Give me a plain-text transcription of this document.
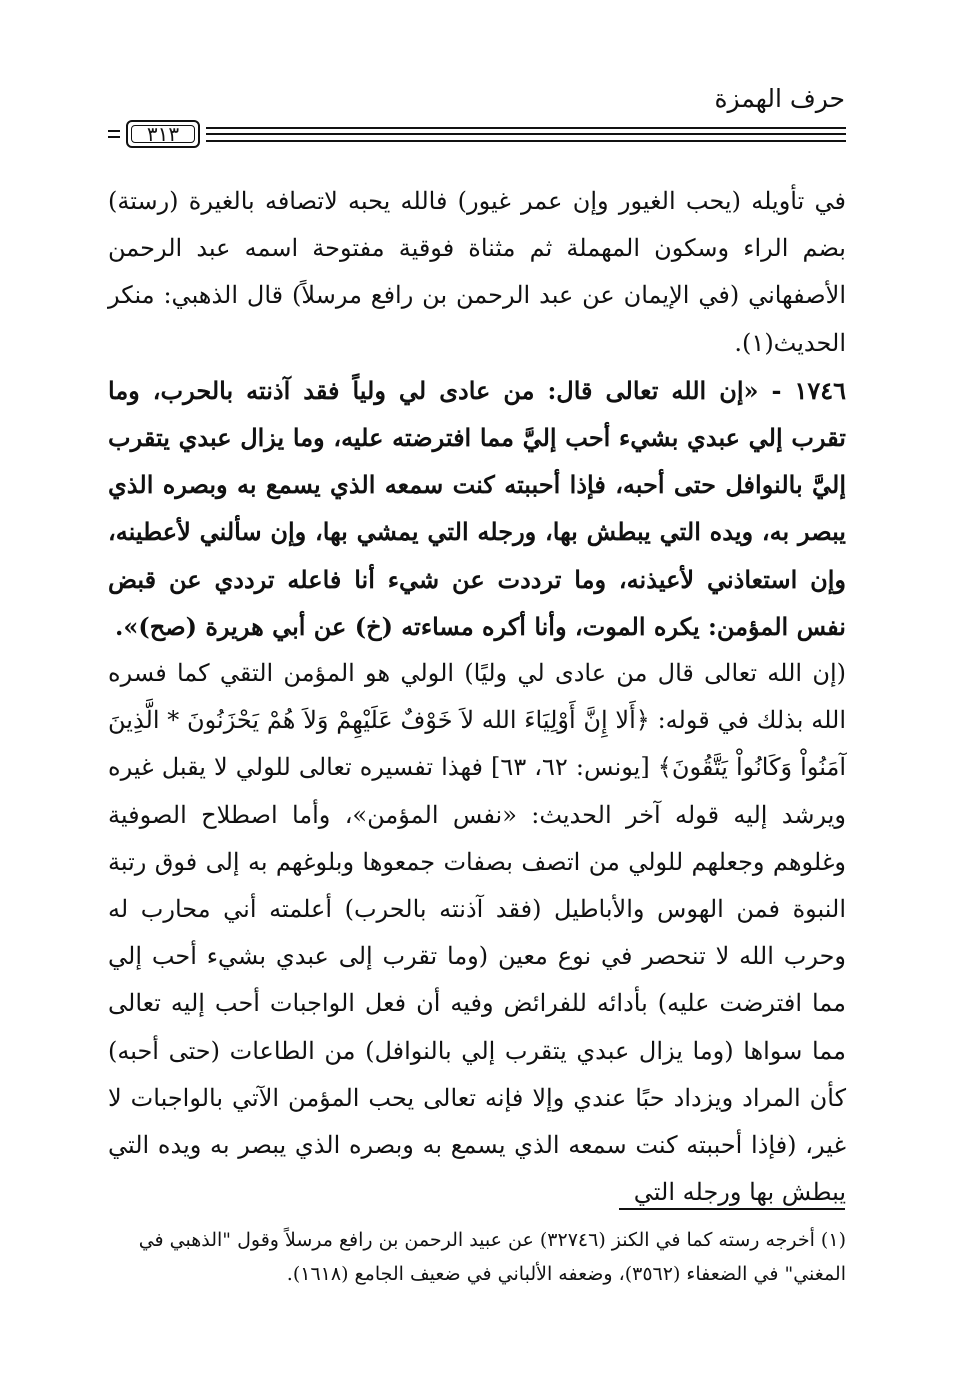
حرف الهمزة
٣١٣

في تأويله (يحب الغيور وإن عمر غيور) فالله يحبه لاتصافه بالغيرة (رستة) بضم الراء وسكون المهملة ثم مثناة فوقية مفتوحة اسمه عبد الرحمن الأصفهاني (في الإيمان عن عبد الرحمن بن رافع مرسلاً) قال الذهبي: منكر الحديث(١).

١٧٤٦ - «إن الله تعالى قال: من عادى لي ولياً فقد آذنته بالحرب، وما تقرب إلي عبدي بشيء أحب إليَّ مما افترضته عليه، وما يزال عبدي يتقرب إليَّ بالنوافل حتى أحبه، فإذا أحببته كنت سمعه الذي يسمع به وبصره الذي يبصر به، ويده التي يبطش بها، ورجله التي يمشي بها، وإن سألني لأعطينه، وإن استعاذني لأعيذنه، وما ترددت عن شيء أنا فاعله ترددي عن قبض نفس المؤمن: يكره الموت، وأنا أكره مساءته (خ) عن أبي هريرة (صح)».

(إن الله تعالى قال من عادى لي وليًا) الولي هو المؤمن التقي كما فسره الله بذلك في قوله: ﴿أَلا إِنَّ أَوْلِيَاءَ الله لاَ خَوْفٌ عَلَيْهِمْ وَلاَ هُمْ يَحْزَنُونَ * الَّذِينَ آمَنُواْ وَكَانُواْ يَتَّقُونَ﴾ [يونس: ٦٢، ٦٣] فهذا تفسيره تعالى للولي لا يقبل غيره ويرشد إليه قوله آخر الحديث: «نفس المؤمن»، وأما اصطلاح الصوفية وغلوهم وجعلهم للولي من اتصف بصفات جمعوها وبلوغهم به إلى فوق رتبة النبوة فمن الهوس والأباطيل (فقد آذنته بالحرب) أعلمته أني محارب له وحرب الله لا تنحصر في نوع معين (وما تقرب إلى عبدي بشيء أحب إلي مما افترضت عليه) بأدائه للفرائض وفيه أن فعل الواجبات أحب إليه تعالى مما سواها (وما يزال عبدي يتقرب إلي بالنوافل) من الطاعات (حتى أحبه) كأن المراد ويزداد حبًا عندي وإلا فإنه تعالى يحب المؤمن الآتي بالواجبات لا غير، (فإذا أحببته كنت سمعه الذي يسمع به وبصره الذي يبصر به ويده التي يبطش بها ورجله التي

(١) أخرجه رسته كما في الكنز (٣٢٧٤٦) عن عبيد الرحمن بن رافع مرسلاً وقول "الذهبي في المغني" في الضعفاء (٣٥٦٢)، وضعفه الألباني في ضعيف الجامع (١٦١٨).
